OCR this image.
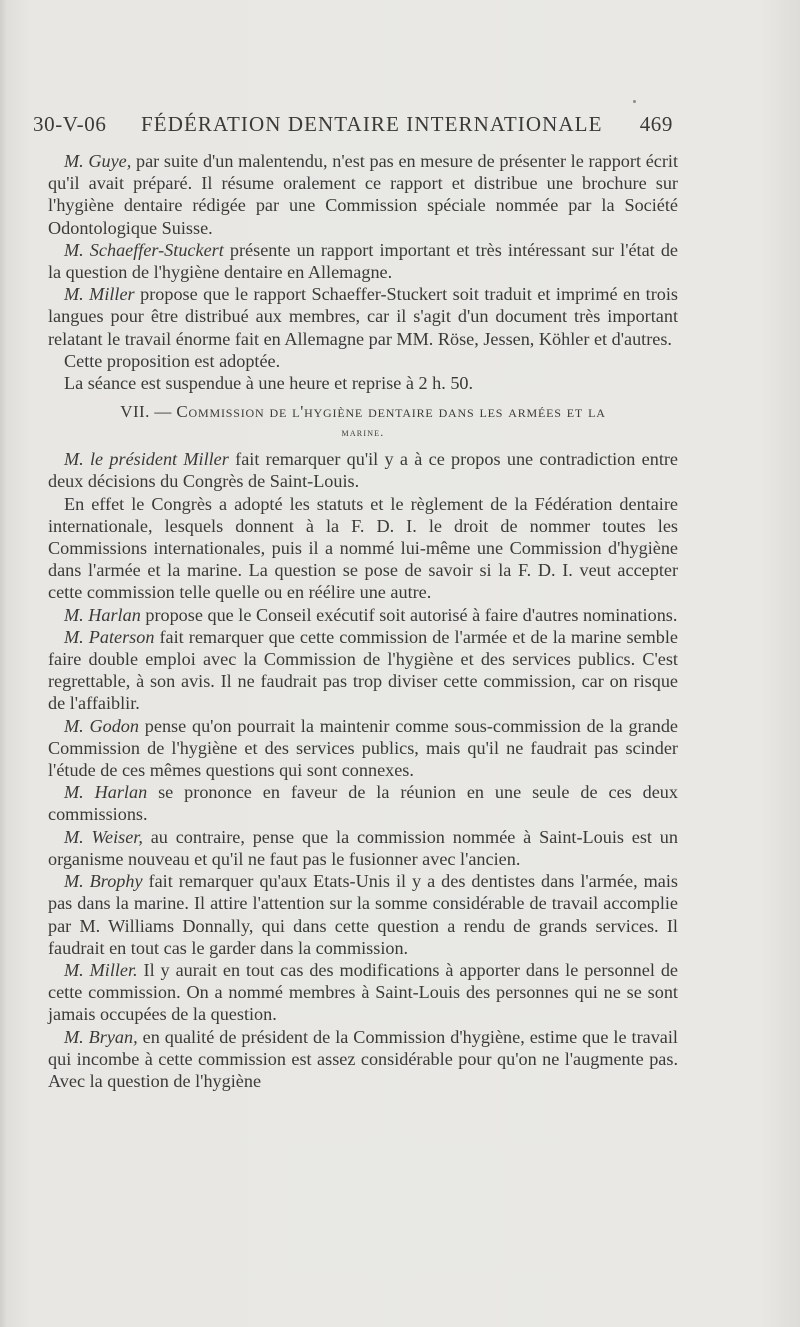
30-V-06 FÉDÉRATION DENTAIRE INTERNATIONALE 469

M. Guye, par suite d'un malentendu, n'est pas en mesure de présenter le rapport écrit qu'il avait préparé. Il résume oralement ce rapport et distribue une brochure sur l'hygiène dentaire rédigée par une Commission spéciale nommée par la Société Odontologique Suisse.

M. Schaeffer-Stuckert présente un rapport important et très intéressant sur l'état de la question de l'hygiène dentaire en Allemagne.

M. Miller propose que le rapport Schaeffer-Stuckert soit traduit et imprimé en trois langues pour être distribué aux membres, car il s'agit d'un document très important relatant le travail énorme fait en Allemagne par MM. Röse, Jessen, Köhler et d'autres.

Cette proposition est adoptée.

La séance est suspendue à une heure et reprise à 2 h. 50.

VII. — Commission de l'hygiène dentaire dans les armées et la
marine.

M. le président Miller fait remarquer qu'il y a à ce propos une contradiction entre deux décisions du Congrès de Saint-Louis.

En effet le Congrès a adopté les statuts et le règlement de la Fédération dentaire internationale, lesquels donnent à la F. D. I. le droit de nommer toutes les Commissions internationales, puis il a nommé lui-même une Commission d'hygiène dans l'armée et la marine. La question se pose de savoir si la F. D. I. veut accepter cette commission telle quelle ou en réélire une autre.

M. Harlan propose que le Conseil exécutif soit autorisé à faire d'autres nominations.

M. Paterson fait remarquer que cette commission de l'armée et de la marine semble faire double emploi avec la Commission de l'hygiène et des services publics. C'est regrettable, à son avis. Il ne faudrait pas trop diviser cette commission, car on risque de l'affaiblir.

M. Godon pense qu'on pourrait la maintenir comme sous-commission de la grande Commission de l'hygiène et des services publics, mais qu'il ne faudrait pas scinder l'étude de ces mêmes questions qui sont connexes.

M. Harlan se prononce en faveur de la réunion en une seule de ces deux commissions.

M. Weiser, au contraire, pense que la commission nommée à Saint-Louis est un organisme nouveau et qu'il ne faut pas le fusionner avec l'ancien.

M. Brophy fait remarquer qu'aux Etats-Unis il y a des dentistes dans l'armée, mais pas dans la marine. Il attire l'attention sur la somme considérable de travail accomplie par M. Williams Donnally, qui dans cette question a rendu de grands services. Il faudrait en tout cas le garder dans la commission.

M. Miller. Il y aurait en tout cas des modifications à apporter dans le personnel de cette commission. On a nommé membres à Saint-Louis des personnes qui ne se sont jamais occupées de la question.

M. Bryan, en qualité de président de la Commission d'hygiène, estime que le travail qui incombe à cette commission est assez considérable pour qu'on ne l'augmente pas. Avec la question de l'hygiène
